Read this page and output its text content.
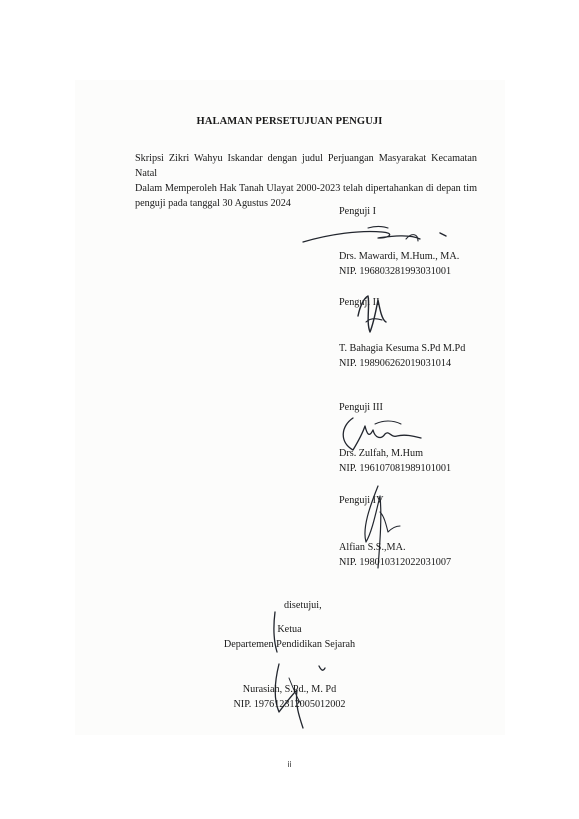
HALAMAN PERSETUJUAN PENGUJI
Skripsi Zikri Wahyu Iskandar dengan judul Perjuangan Masyarakat Kecamatan Natal
Dalam Memperoleh Hak Tanah Ulayat 2000-2023 telah dipertahankan di depan tim
penguji pada tanggal 30 Agustus 2024
Penguji I
Drs. Mawardi, M.Hum., MA.
NIP. 196803281993031001
Penguji II
T. Bahagia Kesuma S.Pd M.Pd
NIP. 198906262019031014
Penguji III
Drs. Zulfah, M.Hum
NIP. 196107081989101001
Penguji IV
Alfian S.S.,MA.
NIP. 198010312022031007
disetujui,
Ketua
Departemen Pendidikan Sejarah
Nurasiah, S.Pd., M. Pd
NIP. 197612312005012002
ii
